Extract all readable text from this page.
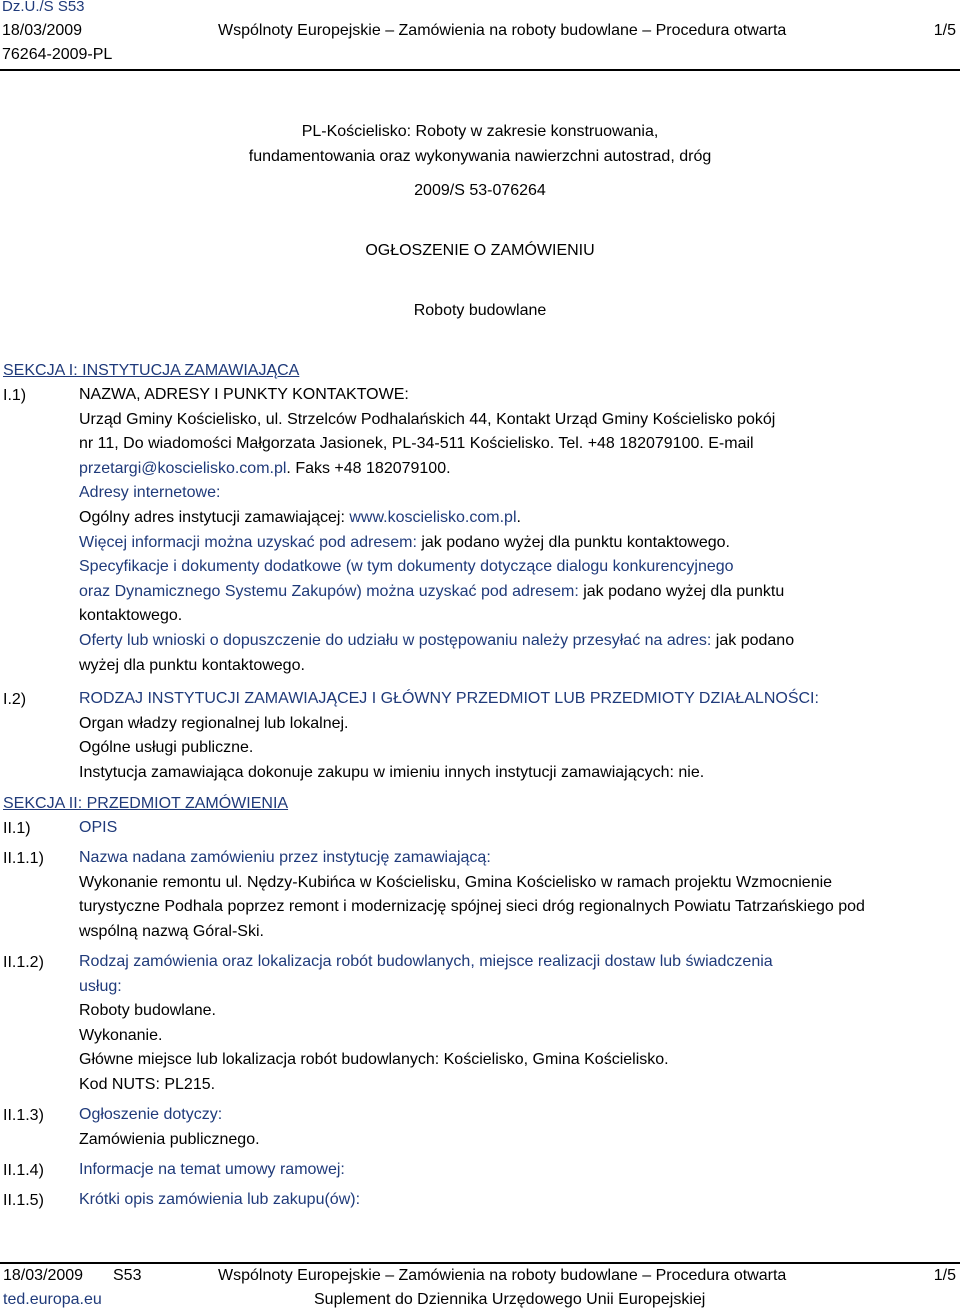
Dz.U./S S53
18/03/2009
76264-2009-PL
Wspólnoty Europejskie – Zamówienia na roboty budowlane – Procedura otwarta	1/5
PL-Kościelisko: Roboty w zakresie konstruowania,
fundamentowania oraz wykonywania nawierzchni autostrad, dróg
2009/S 53-076264
OGŁOSZENIE O ZAMÓWIENIU
Roboty budowlane
SEKCJA I: INSTYTUCJA ZAMAWIAJĄCA
I.1)	NAZWA, ADRESY I PUNKTY KONTAKTOWE:

Urząd Gminy Kościelisko, ul. Strzelców Podhalańskich 44, Kontakt Urząd Gminy Kościelisko pokój

nr 11, Do wiadomości Małgorzata Jasionek, PL-34-511 Kościelisko. Tel. +48 182079100. E-mail

przetargi@koscielisko.com.pl. Faks +48 182079100.

Adresy internetowe:

Ogólny adres instytucji zamawiającej: www.koscielisko.com.pl.

Więcej informacji można uzyskać pod adresem: jak podano wyżej dla punktu kontaktowego.

Specyfikacje i dokumenty dodatkowe (w tym dokumenty dotyczące dialogu konkurencyjnego

oraz Dynamicznego Systemu Zakupów) można uzyskać pod adresem: jak podano wyżej dla punktu

kontaktowego.

Oferty lub wnioski o dopuszczenie do udziału w postępowaniu należy przesyłać na adres: jak podano

wyżej dla punktu kontaktowego.

I.2)	RODZAJ INSTYTUCJI ZAMAWIAJĄCEJ I GŁÓWNY PRZEDMIOT LUB PRZEDMIOTY DZIAŁALNOŚCI:

Organ władzy regionalnej lub lokalnej.

Ogólne usługi publiczne.

Instytucja zamawiająca dokonuje zakupu w imieniu innych instytucji zamawiających: nie.

SEKCJA II: PRZEDMIOT ZAMÓWIENIA
II.1)	OPIS
II.1.1) Nazwa nadana zamówieniu przez instytucję zamawiającą:

Wykonanie remontu ul. Nędzy-Kubińca w Kościelisku, Gmina Kościelisko w ramach projektu Wzmocnienie

turystyczne Podhala poprzez remont i modernizację spójnej sieci dróg regionalnych Powiatu Tatrzańskiego pod

wspólną nazwą Góral-Ski.

II.1.2) Rodzaj zamówienia oraz lokalizacja robót budowlanych, miejsce realizacji dostaw lub świadczenia

usług:

Roboty budowlane.

Wykonanie.

Główne miejsce lub lokalizacja robót budowlanych: Kościelisko, Gmina Kościelisko.

Kod NUTS: PL215.

II.1.3) Ogłoszenie dotyczy:

Zamówienia publicznego.

II.1.4) Informacje na temat umowy ramowej:
II.1.5) Krótki opis zamówienia lub zakupu(ów):
18/03/2009 S53	Wspólnoty Europejskie – Zamówienia na roboty budowlane – Procedura otwarta	1/5
ted.europa.eu	Suplement do Dziennika Urzędowego Unii Europejskiej
